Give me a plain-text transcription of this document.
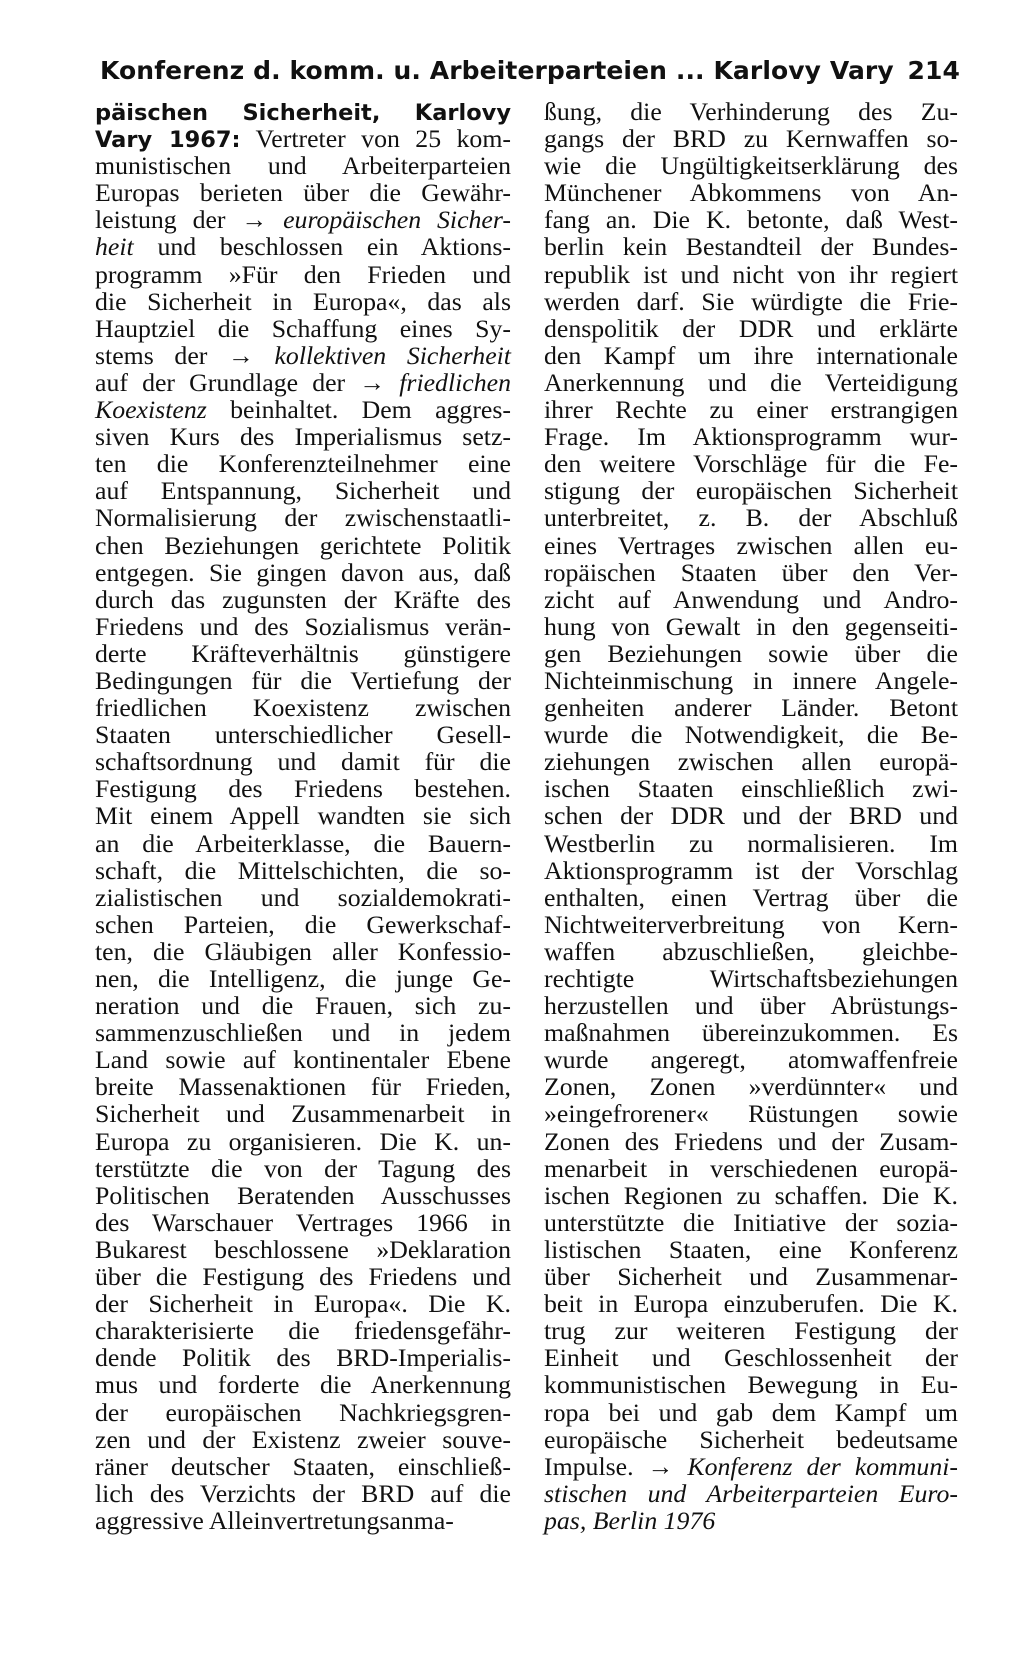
Konferenz d. komm. u. Arbeiterparteien ... Karlovy Vary 214
päischen Sicherheit, Karlovy
Vary 1967: Vertreter von 25 kom-
munistischen und Arbeiterparteien
Europas berieten über die Gewähr-
leistung der → europäischen Sicher-
heit und beschlossen ein Aktions-
programm »Für den Frieden und
die Sicherheit in Europa«, das als
Hauptziel die Schaffung eines Sy-
stems der → kollektiven Sicherheit
auf der Grundlage der → friedlichen
Koexistenz beinhaltet. Dem aggres-
siven Kurs des Imperialismus setz-
ten die Konferenzteilnehmer eine
auf Entspannung, Sicherheit und
Normalisierung der zwischenstaatli-
chen Beziehungen gerichtete Politik
entgegen. Sie gingen davon aus, daß
durch das zugunsten der Kräfte des
Friedens und des Sozialismus verän-
derte Kräfteverhältnis günstigere
Bedingungen für die Vertiefung der
friedlichen Koexistenz zwischen
Staaten unterschiedlicher Gesell-
schaftsordnung und damit für die
Festigung des Friedens bestehen.
Mit einem Appell wandten sie sich
an die Arbeiterklasse, die Bauern-
schaft, die Mittelschichten, die so-
zialistischen und sozialdemokrati-
schen Parteien, die Gewerkschaf-
ten, die Gläubigen aller Konfessio-
nen, die Intelligenz, die junge Ge-
neration und die Frauen, sich zu-
sammenzuschließen und in jedem
Land sowie auf kontinentaler Ebene
breite Massenaktionen für Frieden,
Sicherheit und Zusammenarbeit in
Europa zu organisieren. Die K. un-
terstützte die von der Tagung des
Politischen Beratenden Ausschusses
des Warschauer Vertrages 1966 in
Bukarest beschlossene »Deklaration
über die Festigung des Friedens und
der Sicherheit in Europa«. Die K.
charakterisierte die friedensgefähr-
dende Politik des BRD-Imperialis-
mus und forderte die Anerkennung
der europäischen Nachkriegsgren-
zen und der Existenz zweier souve-
räner deutscher Staaten, einschließ-
lich des Verzichts der BRD auf die
aggressive Alleinvertretungsanma-
ßung, die Verhinderung des Zu-
gangs der BRD zu Kernwaffen so-
wie die Ungültigkeitserklärung des
Münchener Abkommens von An-
fang an. Die K. betonte, daß West-
berlin kein Bestandteil der Bundes-
republik ist und nicht von ihr regiert
werden darf. Sie würdigte die Frie-
denspolitik der DDR und erklärte
den Kampf um ihre internationale
Anerkennung und die Verteidigung
ihrer Rechte zu einer erstrangigen
Frage. Im Aktionsprogramm wur-
den weitere Vorschläge für die Fe-
stigung der europäischen Sicherheit
unterbreitet, z. B. der Abschluß
eines Vertrages zwischen allen eu-
ropäischen Staaten über den Ver-
zicht auf Anwendung und Andro-
hung von Gewalt in den gegenseiti-
gen Beziehungen sowie über die
Nichteinmischung in innere Angele-
genheiten anderer Länder. Betont
wurde die Notwendigkeit, die Be-
ziehungen zwischen allen europä-
ischen Staaten einschließlich zwi-
schen der DDR und der BRD und
Westberlin zu normalisieren. Im
Aktionsprogramm ist der Vorschlag
enthalten, einen Vertrag über die
Nichtweiterverbreitung von Kern-
waffen abzuschließen, gleichbe-
rechtigte Wirtschaftsbeziehungen
herzustellen und über Abrüstungs-
maßnahmen übereinzukommen. Es
wurde angeregt, atomwaffenfreie
Zonen, Zonen »verdünnter« und
»eingefrorener« Rüstungen sowie
Zonen des Friedens und der Zusam-
menarbeit in verschiedenen europä-
ischen Regionen zu schaffen. Die K.
unterstützte die Initiative der sozia-
listischen Staaten, eine Konferenz
über Sicherheit und Zusammenar-
beit in Europa einzuberufen. Die K.
trug zur weiteren Festigung der
Einheit und Geschlossenheit der
kommunistischen Bewegung in Eu-
ropa bei und gab dem Kampf um
europäische Sicherheit bedeutsame
Impulse. → Konferenz der kommuni-
stischen und Arbeiterparteien Euro-
pas, Berlin 1976
